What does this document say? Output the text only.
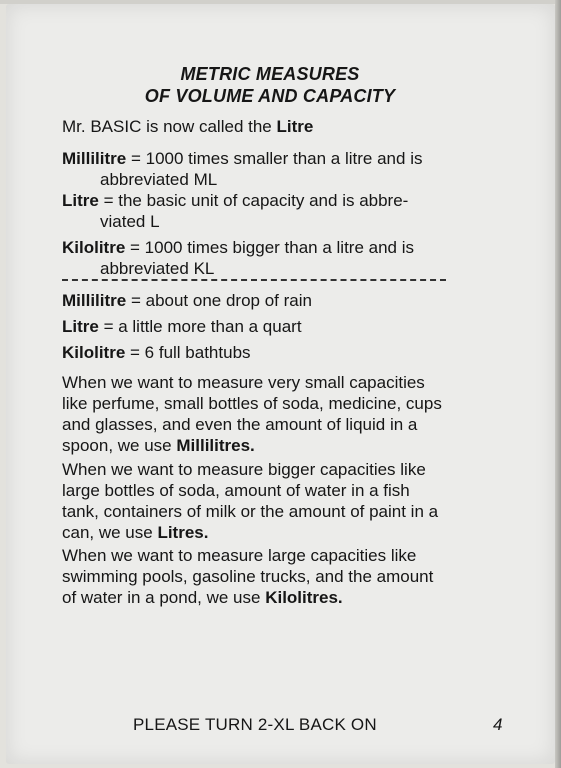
METRIC MEASURES
OF VOLUME AND CAPACITY

Mr. BASIC is now called the Litre

Millilitre = 1000 times smaller than a litre and is

abbreviated ML

Litre = the basic unit of capacity and is abbre-

viated L

Kilolitre = 1000 times bigger than a litre and is

abbreviated KL

Millilitre = about one drop of rain

Litre = a little more than a quart

Kilolitre = 6 full bathtubs

When we want to measure very small capacities

like perfume, small bottles of soda, medicine, cups

and glasses, and even the amount of liquid in a

spoon, we use Millilitres.

When we want to measure bigger capacities like

large bottles of soda, amount of water in a fish

tank, containers of milk or the amount of paint in a

can, we use Litres.

When we want to measure large capacities like

swimming pools, gasoline trucks, and the amount

of water in a pond, we use Kilolitres.

PLEASE TURN 2-XL BACK ON	4
